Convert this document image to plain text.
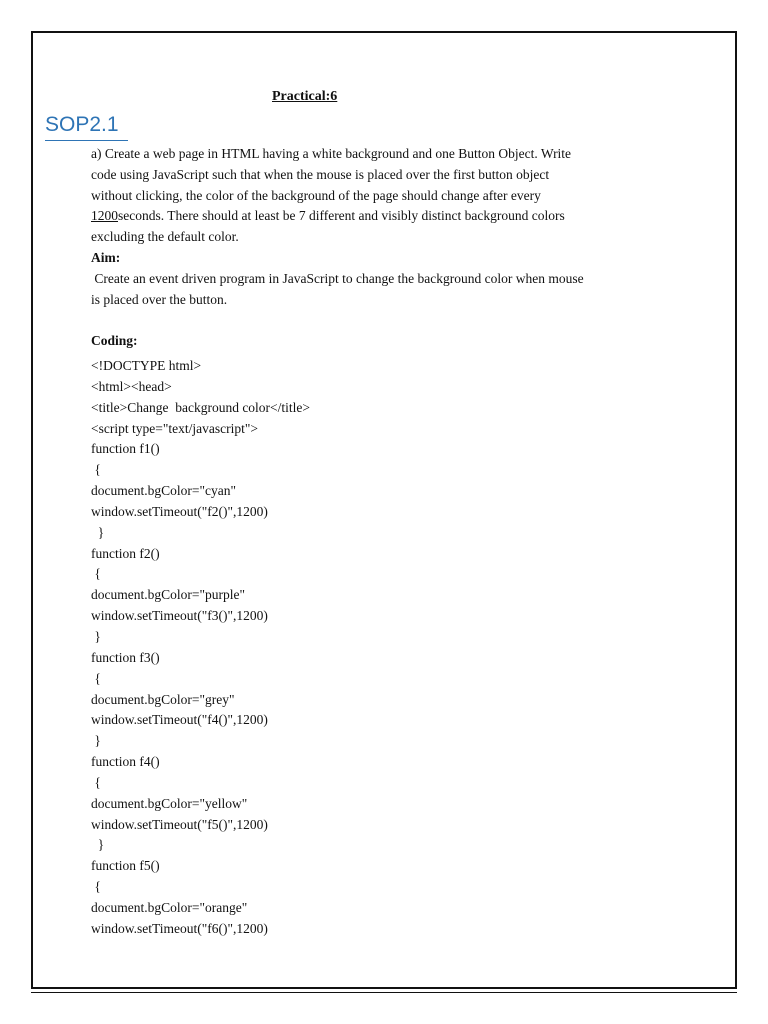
Practical:6
SOP2.1

a) Create a web page in HTML having a white background and one Button Object. Write

code using JavaScript such that when the mouse is placed over the first button object

without clicking, the color of the background of the page should change after every

1200seconds. There should at least be 7 different and visibly distinct background colors

excluding the default color.

Aim:

Create an event driven program in JavaScript to change the background color when mouse

is placed over the button.

Coding:

<!DOCTYPE html>

<html><head>

<title>Change  background color</title>

<script type="text/javascript">

function f1()

{

document.bgColor="cyan"

window.setTimeout("f2()",1200)

}

function f2()

{

document.bgColor="purple"

window.setTimeout("f3()",1200)

}

function f3()

{

document.bgColor="grey"

window.setTimeout("f4()",1200)

}

function f4()

{

document.bgColor="yellow"

window.setTimeout("f5()",1200)

}

function f5()

{

document.bgColor="orange"

window.setTimeout("f6()",1200)
